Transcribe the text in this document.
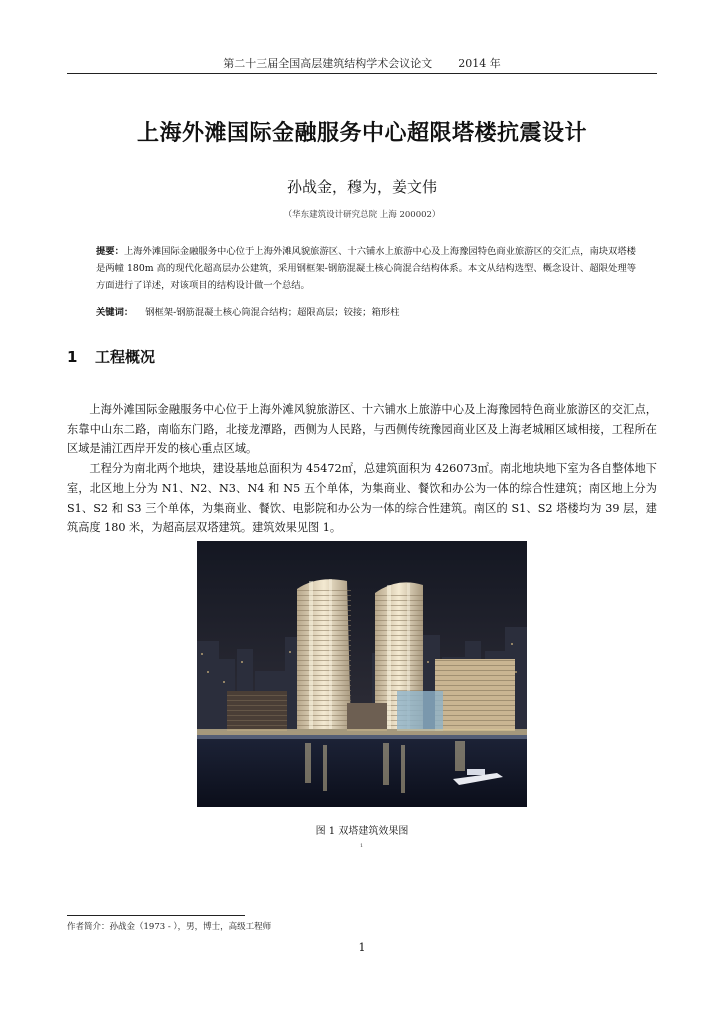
第二十三届全国高层建筑结构学术会议论文 2014 年
上海外滩国际金融服务中心超限塔楼抗震设计
孙战金，穆为，姜文伟
（华东建筑设计研究总院 上海 200002）
提要：上海外滩国际金融服务中心位于上海外滩风貌旅游区、十六铺水上旅游中心及上海豫园特色商业旅游区的交汇点，南块双塔楼是两幢 180m 高的现代化超高层办公建筑，采用钢框架-钢筋混凝土核心筒混合结构体系。本文从结构选型、概念设计、超限处理等方面进行了详述，对该项目的结构设计做一个总结。
关键词： 钢框架-钢筋混凝土核心筒混合结构；超限高层；铰接；箱形柱
1 工程概况

上海外滩国际金融服务中心位于上海外滩风貌旅游区、十六铺水上旅游中心及上海豫园特色商业旅游区的交汇点，东靠中山东二路，南临东门路，北接龙潭路，西侧为人民路，与西侧传统豫园商业区及上海老城厢区域相接，工程所在区域是浦江西岸开发的核心重点区域。

工程分为南北两个地块，建设基地总面积为 45472㎡，总建筑面积为 426073㎡。南北地块地下室为各自整体地下室，北区地上分为 N1、N2、N3、N4 和 N5 五个单体，为集商业、餐饮和办公为一体的综合性建筑；南区地上分为 S1、S2 和 S3 三个单体，为集商业、餐饮、电影院和办公为一体的综合性建筑。南区的 S1、S2 塔楼均为 39 层，建筑高度 180 米，为超高层双塔建筑。建筑效果见图 1。

图 1 双塔建筑效果图
1
作者简介：孙战金（1973 - ），男，博士，高级工程师
1
